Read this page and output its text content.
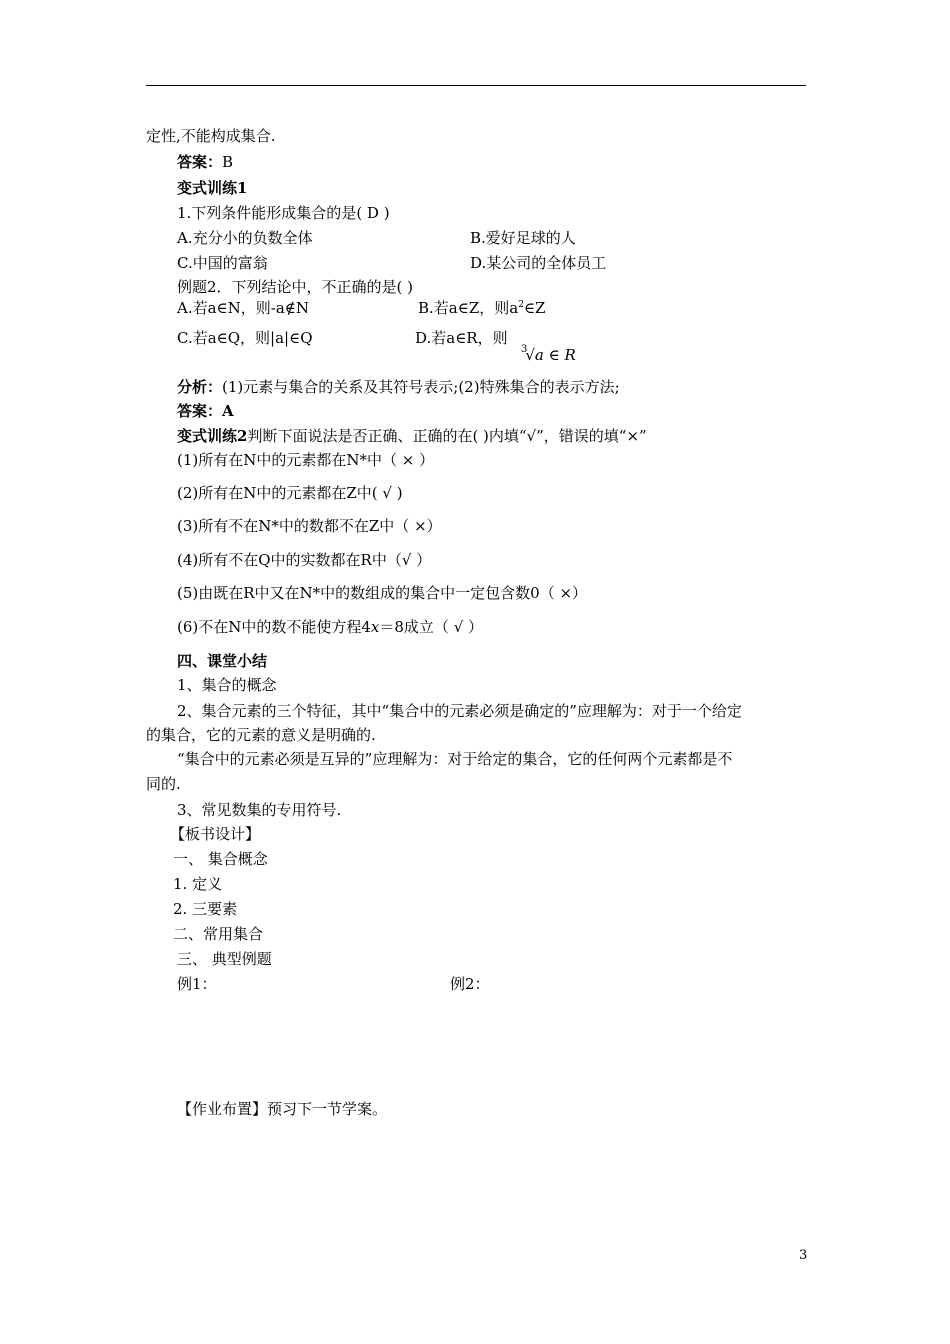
定性,不能构成集合.
答案：B
变式训练1
1.下列条件能形成集合的是( D )
A.充分小的负数全体	B.爱好足球的人
C.中国的富翁	D.某公司的全体员工
例题2．下列结论中，不正确的是( )
A.若a∈N，则-a∉N	B.若a∈Z，则$a^2\in Z$
C.若a∈Q，则|a|∈Q	D.若a∈R，则
$^3$√a ∈ R
分析：(1)元素与集合的关系及其符号表示;(2)特殊集合的表示方法;
答案：A
变式训练2判断下面说法是否正确、正确的在( )内填“√”，错误的填“×”
(1)所有在N中的元素都在N*中（ × ）
(2)所有在N中的元素都在Z中( √ )
(3)所有不在N*中的数都不在Z中（ ×）
(4)所有不在Q中的实数都在R中（√ ）
(5)由既在R中又在N*中的数组成的集合中一定包含数0（ ×）
(6)不在N中的数不能使方程4x＝8成立（ √ ）
四、课堂小结
1、集合的概念
2、集合元素的三个特征，其中“集合中的元素必须是确定的”应理解为：对于一个给定
的集合，它的元素的意义是明确的.
“集合中的元素必须是互异的”应理解为：对于给定的集合，它的任何两个元素都是不
同的.
3、常见数集的专用符号.
【板书设计】
一、 集合概念
1. 定义
2. 三要素
二、常用集合
三、 典型例题
例1：	例2：
【作业布置】预习下一节学案。
3
